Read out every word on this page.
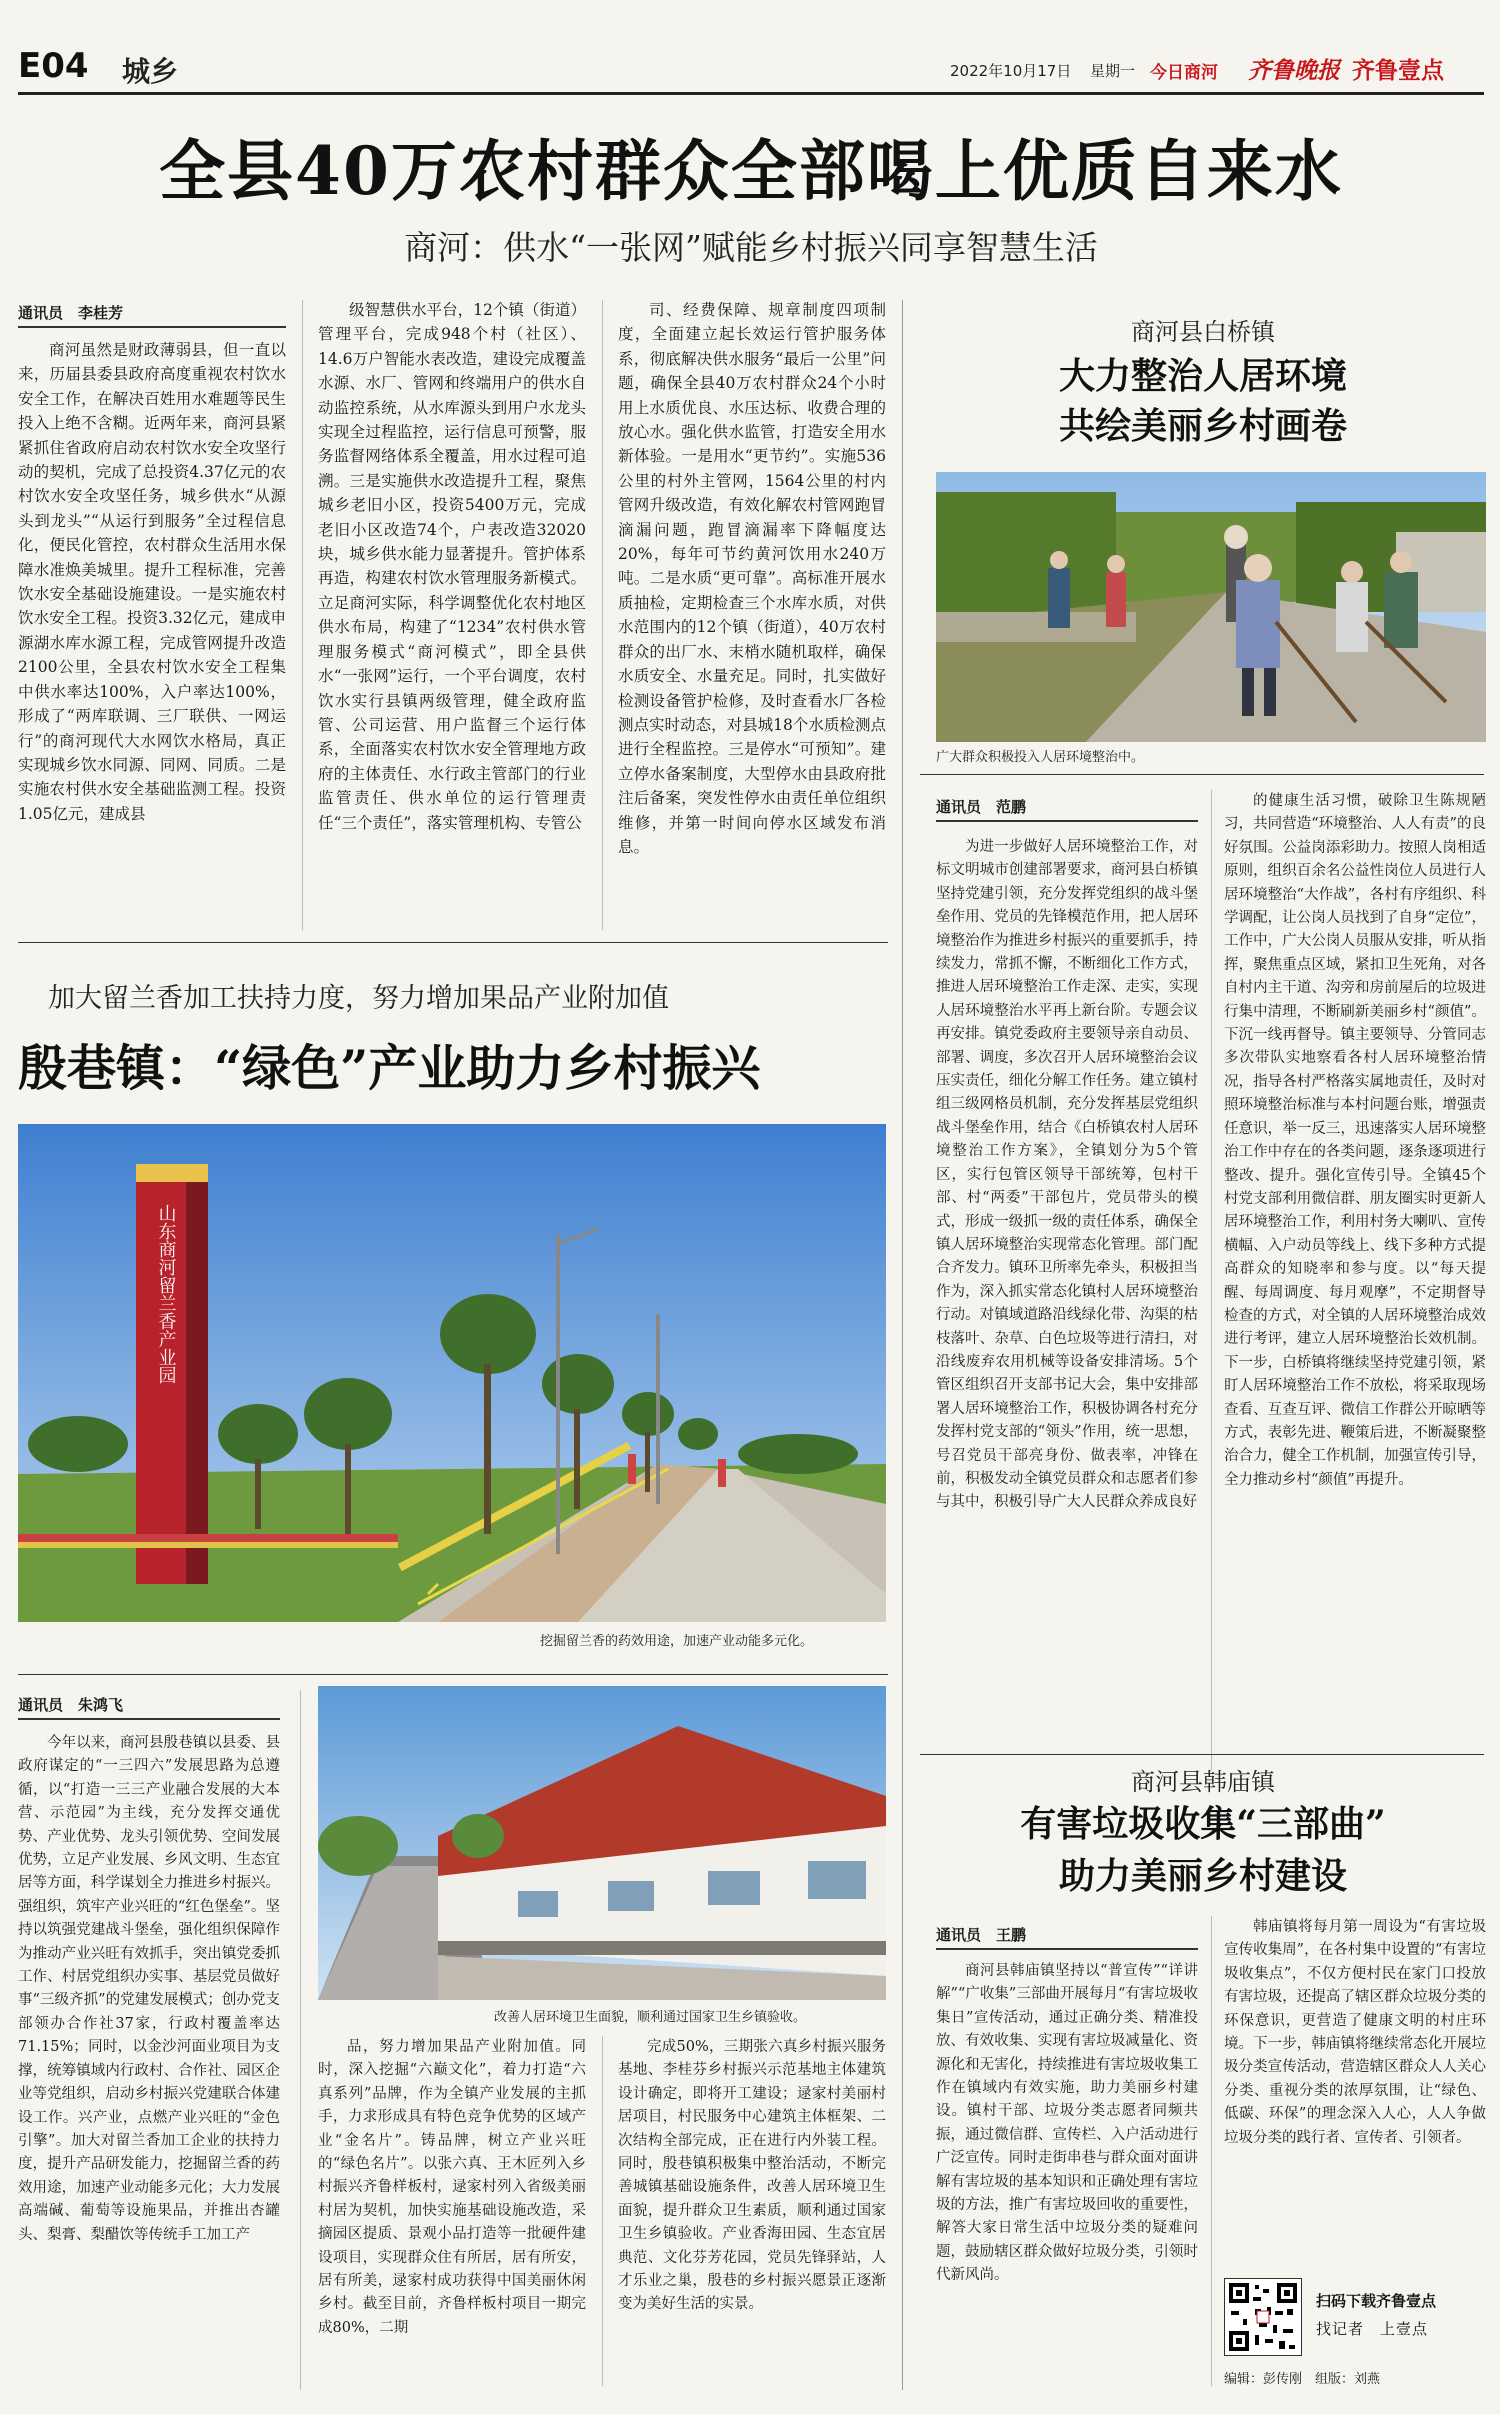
E04 城乡	2022年10月17日 星期一 今日商河 齐鲁晚报 齐鲁壹点
全县40万农村群众全部喝上优质自来水
商河：供水“一张网”赋能乡村振兴同享智慧生活
通讯员　李桂芳
商河虽然是财政薄弱县，但一直以来，历届县委县政府高度重视农村饮水安全工作，在解决百姓用水难题等民生投入上绝不含糊。近两年来，商河县紧紧抓住省政府启动农村饮水安全攻坚行动的契机，完成了总投资4.37亿元的农村饮水安全攻坚任务，城乡供水“从源头到龙头”“从运行到服务”全过程信息化，便民化管控，农村群众生活用水保障水准焕美城里。提升工程标准，完善饮水安全基础设施建设。一是实施农村饮水安全工程。投资3.32亿元，建成申源湖水库水源工程，完成管网提升改造2100公里，全县农村饮水安全工程集中供水率达100%，入户率达100%，形成了“两库联调、三厂联供、一网运行”的商河现代大水网饮水格局，真正实现城乡饮水同源、同网、同质。二是实施农村供水安全基础监测工程。投资1.05亿元，建成县
级智慧供水平台，12个镇（街道）管理平台，完成948个村（社区）、14.6万户智能水表改造，建设完成覆盖水源、水厂、管网和终端用户的供水自动监控系统，从水库源头到用户水龙头实现全过程监控，运行信息可预警，服务监督网络体系全覆盖，用水过程可追溯。三是实施供水改造提升工程，聚焦城乡老旧小区，投资5400万元，完成老旧小区改造74个，户表改造32020块，城乡供水能力显著提升。管护体系再造，构建农村饮水管理服务新模式。立足商河实际，科学调整优化农村地区供水布局，构建了“1234”农村供水管理服务模式“商河模式”，即全县供水“一张网”运行，一个平台调度，农村饮水实行县镇两级管理，健全政府监管、公司运营、用户监督三个运行体系，全面落实农村饮水安全管理地方政府的主体责任、水行政主管部门的行业监管责任、供水单位的运行管理责任“三个责任”，落实管理机构、专管公
司、经费保障、规章制度四项制度，全面建立起长效运行管护服务体系，彻底解决供水服务“最后一公里”问题，确保全县40万农村群众24个小时用上水质优良、水压达标、收费合理的放心水。强化供水监管，打造安全用水新体验。一是用水“更节约”。实施536公里的村外主管网，1564公里的村内管网升级改造，有效化解农村管网跑冒滴漏问题，跑冒滴漏率下降幅度达20%，每年可节约黄河饮用水240万吨。二是水质“更可靠”。高标准开展水质抽检，定期检查三个水库水质，对供水范围内的12个镇（街道），40万农村群众的出厂水、末梢水随机取样，确保水质安全、水量充足。同时，扎实做好检测设备管护检修，及时查看水厂各检测点实时动态，对县城18个水质检测点进行全程监控。三是停水“可预知”。建立停水备案制度，大型停水由县政府批注后备案，突发性停水由责任单位组织维修，并第一时间向停水区域发布消息。
商河县白桥镇
大力整治人居环境
共绘美丽乡村画卷
广大群众积极投入人居环境整治中。
通讯员　范鹏
为进一步做好人居环境整治工作，对标文明城市创建部署要求，商河县白桥镇坚持党建引领，充分发挥党组织的战斗堡垒作用、党员的先锋模范作用，把人居环境整治作为推进乡村振兴的重要抓手，持续发力，常抓不懈，不断细化工作方式，推进人居环境整治工作走深、走实，实现人居环境整治水平再上新台阶。专题会议再安排。镇党委政府主要领导亲自动员、部署、调度，多次召开人居环境整治会议压实责任，细化分解工作任务。建立镇村组三级网格员机制，充分发挥基层党组织战斗堡垒作用，结合《白桥镇农村人居环境整治工作方案》，全镇划分为5个管区，实行包管区领导干部统筹，包村干部、村“两委”干部包片，党员带头的模式，形成一级抓一级的责任体系，确保全镇人居环境整治实现常态化管理。部门配合齐发力。镇环卫所率先牵头，积极担当作为，深入抓实常态化镇村人居环境整治行动。对镇域道路沿线绿化带、沟渠的枯枝落叶、杂草、白色垃圾等进行清扫，对沿线废弃农用机械等设备安排清场。5个管区组织召开支部书记大会，集中安排部署人居环境整治工作，积极协调各村充分发挥村党支部的“领头”作用，统一思想，号召党员干部亮身份、做表率，冲锋在前，积极发动全镇党员群众和志愿者们参与其中，积极引导广大人民群众养成良好
的健康生活习惯，破除卫生陈规陋习，共同营造“环境整治、人人有责”的良好氛围。公益岗添彩助力。按照人岗相适原则，组织百余名公益性岗位人员进行人居环境整治“大作战”，各村有序组织、科学调配，让公岗人员找到了自身“定位”，工作中，广大公岗人员服从安排，听从指挥，聚焦重点区域，紧扣卫生死角，对各自村内主干道、沟旁和房前屋后的垃圾进行集中清理，不断刷新美丽乡村“颜值”。下沉一线再督导。镇主要领导、分管同志多次带队实地察看各村人居环境整治情况，指导各村严格落实属地责任，及时对照环境整治标准与本村问题台账，增强责任意识，举一反三，迅速落实人居环境整治工作中存在的各类问题，逐条逐项进行整改、提升。强化宣传引导。全镇45个村党支部利用微信群、朋友圈实时更新人居环境整治工作，利用村务大喇叭、宣传横幅、入户动员等线上、线下多种方式提高群众的知晓率和参与度。以“每天提醒、每周调度、每月观摩”，不定期督导检查的方式，对全镇的人居环境整治成效进行考评，建立人居环境整治长效机制。下一步，白桥镇将继续坚持党建引领，紧盯人居环境整治工作不放松，将采取现场查看、互查互评、微信工作群公开晾晒等方式，表彰先进、鞭策后进，不断凝聚整治合力，健全工作机制，加强宣传引导，全力推动乡村“颜值”再提升。
商河县韩庙镇
有害垃圾收集“三部曲”
助力美丽乡村建设
通讯员　王鹏
商河县韩庙镇坚持以“普宣传”“详讲解”“广收集”三部曲开展每月“有害垃圾收集日”宣传活动，通过正确分类、精准投放、有效收集、实现有害垃圾减量化、资源化和无害化，持续推进有害垃圾收集工作在镇域内有效实施，助力美丽乡村建设。镇村干部、垃圾分类志愿者同频共振，通过微信群、宣传栏、入户活动进行广泛宣传。同时走街串巷与群众面对面讲解有害垃圾的基本知识和正确处理有害垃圾的方法，推广有害垃圾回收的重要性，解答大家日常生活中垃圾分类的疑难问题，鼓励辖区群众做好垃圾分类，引领时代新风尚。
韩庙镇将每月第一周设为“有害垃圾宣传收集周”，在各村集中设置的“有害垃圾收集点”，不仅方便村民在家门口投放有害垃圾，还提高了辖区群众垃圾分类的环保意识，更营造了健康文明的村庄环境。下一步，韩庙镇将继续常态化开展垃圾分类宣传活动，营造辖区群众人人关心分类、重视分类的浓厚氛围，让“绿色、低碳、环保”的理念深入人心，人人争做垃圾分类的践行者、宣传者、引领者。
扫码下载齐鲁壹点
找记者　上壹点
编辑：彭传刚　组版：刘燕
加大留兰香加工扶持力度，努力增加果品产业附加值
殷巷镇：“绿色”产业助力乡村振兴
山东商河留兰香产业园
挖掘留兰香的药效用途，加速产业动能多元化。
通讯员　朱鸿飞
今年以来，商河县殷巷镇以县委、县政府谋定的“一三四六”发展思路为总遵循，以“打造一三三产业融合发展的大本营、示范园”为主线，充分发挥交通优势、产业优势、龙头引领优势、空间发展优势，立足产业发展、乡风文明、生态宜居等方面，科学谋划全力推进乡村振兴。强组织，筑牢产业兴旺的“红色堡垒”。坚持以筑强党建战斗堡垒，强化组织保障作为推动产业兴旺有效抓手，突出镇党委抓工作、村居党组织办实事、基层党员做好事“三级齐抓”的党建发展模式；创办党支部领办合作社37家，行政村覆盖率达71.15%；同时，以金沙河面业项目为支撑，统筹镇域内行政村、合作社、园区企业等党组织，启动乡村振兴党建联合体建设工作。兴产业，点燃产业兴旺的“金色引擎”。加大对留兰香加工企业的扶持力度，提升产品研发能力，挖掘留兰香的药效用途，加速产业动能多元化；大力发展高端碱、葡萄等设施果品，并推出杏罐头、梨膏、梨醋饮等传统手工加工产
改善人居环境卫生面貌，顺利通过国家卫生乡镇验收。
品，努力增加果品产业附加值。同时，深入挖掘“六巅文化”，着力打造“六真系列”品牌，作为全镇产业发展的主抓手，力求形成具有特色竞争优势的区域产业“金名片”。铸品牌，树立产业兴旺的“绿色名片”。以张六真、王木匠列入乡村振兴齐鲁样板村，逯家村列入省级美丽村居为契机，加快实施基础设施改造，采摘园区提质、景观小品打造等一批硬件建设项目，实现群众住有所居，居有所安，居有所美，逯家村成功获得中国美丽休闲乡村。截至目前，齐鲁样板村项目一期完成80%，二期
完成50%，三期张六真乡村振兴服务基地、李桂芬乡村振兴示范基地主体建筑设计确定，即将开工建设；逯家村美丽村居项目，村民服务中心建筑主体框架、二次结构全部完成，正在进行内外装工程。同时，殷巷镇积极集中整治活动，不断完善城镇基础设施条件，改善人居环境卫生面貌，提升群众卫生素质，顺利通过国家卫生乡镇验收。产业香海田园、生态宜居典范、文化芬芳花园，党员先锋驿站，人才乐业之巢，殷巷的乡村振兴愿景正逐渐变为美好生活的实景。
